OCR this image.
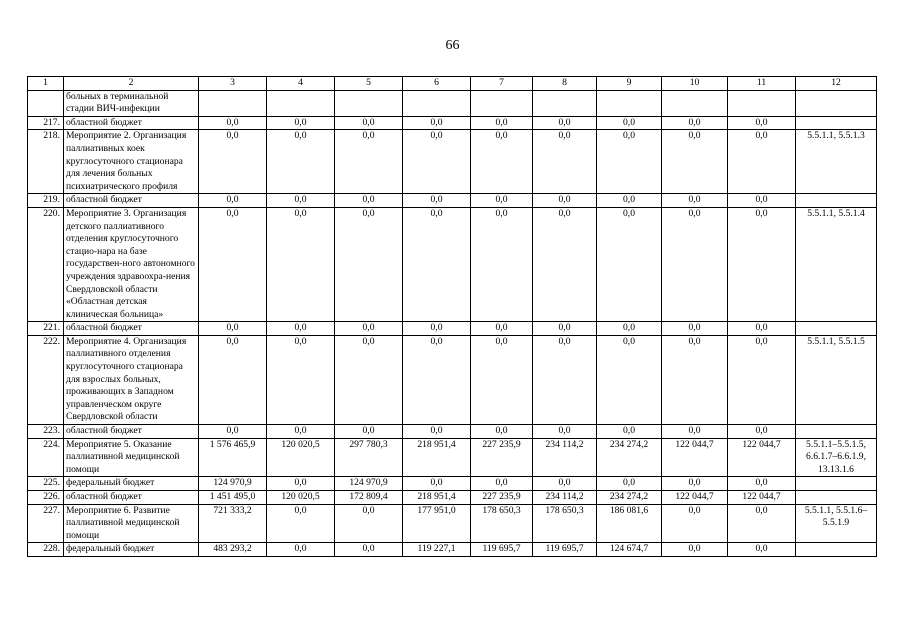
66
1	2	3	4	5	6	7	8	9	10	11	12
	больных в терминальной стадии ВИЧ-инфекции										
217.	областной бюджет	0,0	0,0	0,0	0,0	0,0	0,0	0,0	0,0	0,0	
218.	Мероприятие 2. Организация паллиативных коек круглосуточного стационара для лечения больных психиатрического профиля	0,0	0,0	0,0	0,0	0,0	0,0	0,0	0,0	0,0	5.5.1.1, 5.5.1.3
219.	областной бюджет	0,0	0,0	0,0	0,0	0,0	0,0	0,0	0,0	0,0	
220.	Мероприятие 3. Организация детского паллиативного отделения круглосуточного стацио-нара на базе государствен-ного автономного учреждения здравоохра-нения Свердловской области «Областная детская клиническая больница»	0,0	0,0	0,0	0,0	0,0	0,0	0,0	0,0	0,0	5.5.1.1, 5.5.1.4
221.	областной бюджет	0,0	0,0	0,0	0,0	0,0	0,0	0,0	0,0	0,0	
222.	Мероприятие 4. Организация паллиативного отделения круглосуточного стационара для взрослых больных, проживающих в Западном управленческом округе Свердловской области	0,0	0,0	0,0	0,0	0,0	0,0	0,0	0,0	0,0	5.5.1.1, 5.5.1.5
223.	областной бюджет	0,0	0,0	0,0	0,0	0,0	0,0	0,0	0,0	0,0	
224.	Мероприятие 5. Оказание паллиативной медицинской помощи	1 576 465,9	120 020,5	297 780,3	218 951,4	227 235,9	234 114,2	234 274,2	122 044,7	122 044,7	5.5.1.1–5.5.1.5, 6.6.1.7–6.6.1.9, 13.13.1.6
225.	федеральный бюджет	124 970,9	0,0	124 970,9	0,0	0,0	0,0	0,0	0,0	0,0	
226.	областной бюджет	1 451 495,0	120 020,5	172 809,4	218 951,4	227 235,9	234 114,2	234 274,2	122 044,7	122 044,7	
227.	Мероприятие 6. Развитие паллиативной медицинской помощи	721 333,2	0,0	0,0	177 951,0	178 650,3	178 650,3	186 081,6	0,0	0,0	5.5.1.1, 5.5.1.6–5.5.1.9
228.	федеральный бюджет	483 293,2	0,0	0,0	119 227,1	119 695,7	119 695,7	124 674,7	0,0	0,0	
